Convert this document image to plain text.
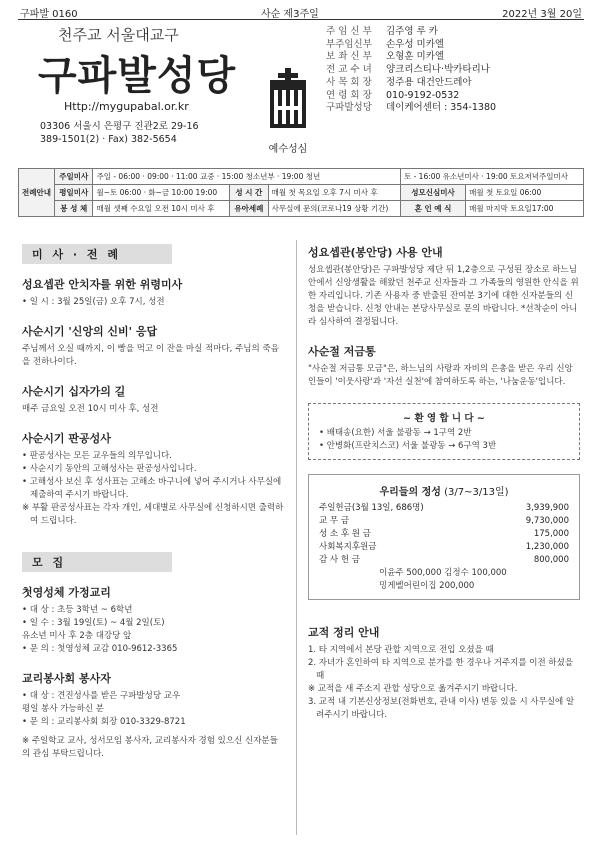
구파발 0160	사순 제3주일	2022년 3월 20일
천주교 서울대교구
구파발성당
Http://mygupabal.or.kr
03306 서울시 은평구 진관2로 29-16
389-1501(2) · Fax) 382-5654
예수성심
주 임 신 부	김주영 루 카
부주임신부	손우성 미카엘
보 좌 신 부	오형훈 미카엘
전 교 수 녀	양크리스티나·박카타리나
사 목 회 장	정주용 대건안드레아
연 령 회 장	010-9192-0532
구파발성당	데이케어센터 : 354-1380
전례안내	주일미사	주일 - 06:00 · 09:00 · 11:00 교중 · 15:00 청소년부 · 19:00 청년			토 - 16:00 유소년미사 · 19:00 토요저녁주일미사	
	평일미사	월~토 06:00 · 화~금 10:00 19:00	성 시 간	매월 첫 목요일 오후 7시 미사 후	성모신심미사	매월 첫 토요일 06:00
	봉 성 체	매월 셋째 수요일 오전 10시 미사 후	유아세례	사무실에 문의(코로나19 상황 기간)	혼 인 예 식	매월 마지막 토요일17:00
미 사 · 전 례
성요셉관 안치자를 위한 위령미사
• 일 시 : 3월 25일(금) 오후 7시, 성전
사순시기 '신앙의 신비' 응답
주님께서 오실 때까지, 이 빵을 먹고 이 잔을 마실 적마다, 주님의 죽음을 전하나이다.
사순시기 십자가의 길
매주 금요일 오전 10시 미사 후, 성전
사순시기 판공성사
• 판공성사는 모든 교우들의 의무입니다.
• 사순시기 동안의 고해성사는 판공성사입니다.
• 고해성사 보신 후 성사표는 고해소 바구니에 넣어 주시거나 사무실에 제출하여 주시기 바랍니다.
※ 부활 판공성사표는 각자 개인, 세대별로 사무실에 신청하시면 출력하여 드립니다.
모 집
첫영성체 가정교리
• 대 상 : 초등 3학년 ~ 6학년
• 일 수 : 3월 19일(토) ~ 4월 2일(토)
유소년 미사 후 2층 대강당 앞
• 문 의 : 첫영성체 교감 010-9612-3365
교리봉사회 봉사자
• 대 상 : 견진성사를 받은 구파발성당 교우
평일 봉사 가능하신 분
• 문 의 : 교리봉사회 회장 010-3329-8721
※ 주일학교 교사, 성서모임 봉사자, 교리봉사자 경험 있으신 신자분들의 관심 부탁드립니다.
성요셉관(봉안당) 사용 안내
성요셉관(봉안당)은 구파발성당 제단 뒤 1,2층으로 구성된 장소로 하느님 안에서 신앙생활을 해왔던 천주교 신자들과 그 가족들의 영원한 안식을 위한 자리입니다. 기존 사용자 중 반출된 잔여분 3기에 대한 신자분들의 신청을 받습니다. 신청 안내는 본당사무실로 문의 바랍니다. *선착순이 아니라 심사하여 결정됩니다.
사순절 저금통
"사순절 저금통 모금"은, 하느님의 사랑과 자비의 은총을 받은 우리 신앙인들이 '이웃사랑'과 '자선 실천'에 참여하도록 하는, '나눔운동'입니다.
~ 환 영 합 니 다 ~
• 배태송(요한) 서울 불광동 → 1구역 2반
• 안병화(프란치스코) 서울 불광동 → 6구역 3반
우리들의 정성 (3/7~3/13일)
주일헌금(3월 13일, 686명)	3,939,900
교 무 금	9,730,000
성 소 후 원 금	175,000
사회복지후원금	1,230,000
감 사 헌 금	800,000
이윤주 500,000 김정수 100,000
밍게벨어린이집 200,000
교적 정리 안내
1. 타 지역에서 본당 관할 지역으로 전입 오셨을 때
2. 자녀가 혼인하여 타 지역으로 분가를 한 경우나 거주지를 이전 하셨을 때
※ 교적을 새 주소지 관할 성당으로 옮겨주시기 바랍니다.
3. 교적 내 기본신상정보(전화번호, 관내 이사) 변동 있을 시 사무실에 알려주시기 바랍니다.
